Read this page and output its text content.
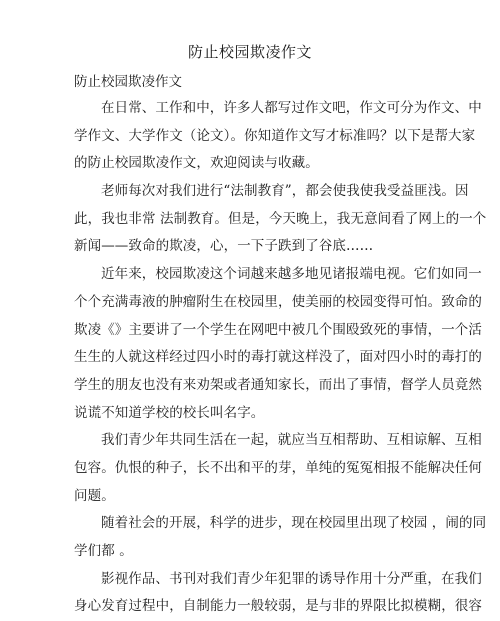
防止校园欺凌作文
防止校园欺凌作文
在日常、工作和中，许多人都写过作文吧，作文可分为作文、中
学作文、大学作文（论文）。你知道作文写才标准吗？以下是帮大家
的防止校园欺凌作文，欢迎阅读与收藏。
老师每次对我们进行“法制教育”，都会使我使我受益匪浅。因
此，我也非常 法制教育。但是，今天晚上，我无意间看了网上的一个
新闻——致命的欺凌，心，一下子跌到了谷底……
近年来，校园欺凌这个词越来越多地见诸报端电视。它们如同一
个个充满毒液的肿瘤附生在校园里，使美丽的校园变得可怕。致命的
欺凌《》主要讲了一个学生在网吧中被几个围殴致死的事情，一个活
生生的人就这样经过四小时的毒打就这样没了，面对四小时的毒打的
学生的朋友也没有来劝架或者通知家长，而出了事情，督学人员竟然
说谎不知道学校的校长叫名字。
我们青少年共同生活在一起，就应当互相帮助、互相谅解、互相
包容。仇恨的种子，长不出和平的芽，单纯的冤冤相报不能解决任何
问题。
随着社会的开展，科学的进步，现在校园里出现了校园 ，闹的同
学们都 。
影视作品、书刊对我们青少年犯罪的诱导作用十分严重，在我们
身心发育过程中，自制能力一般较弱，是与非的界限比拟模糊，很容
